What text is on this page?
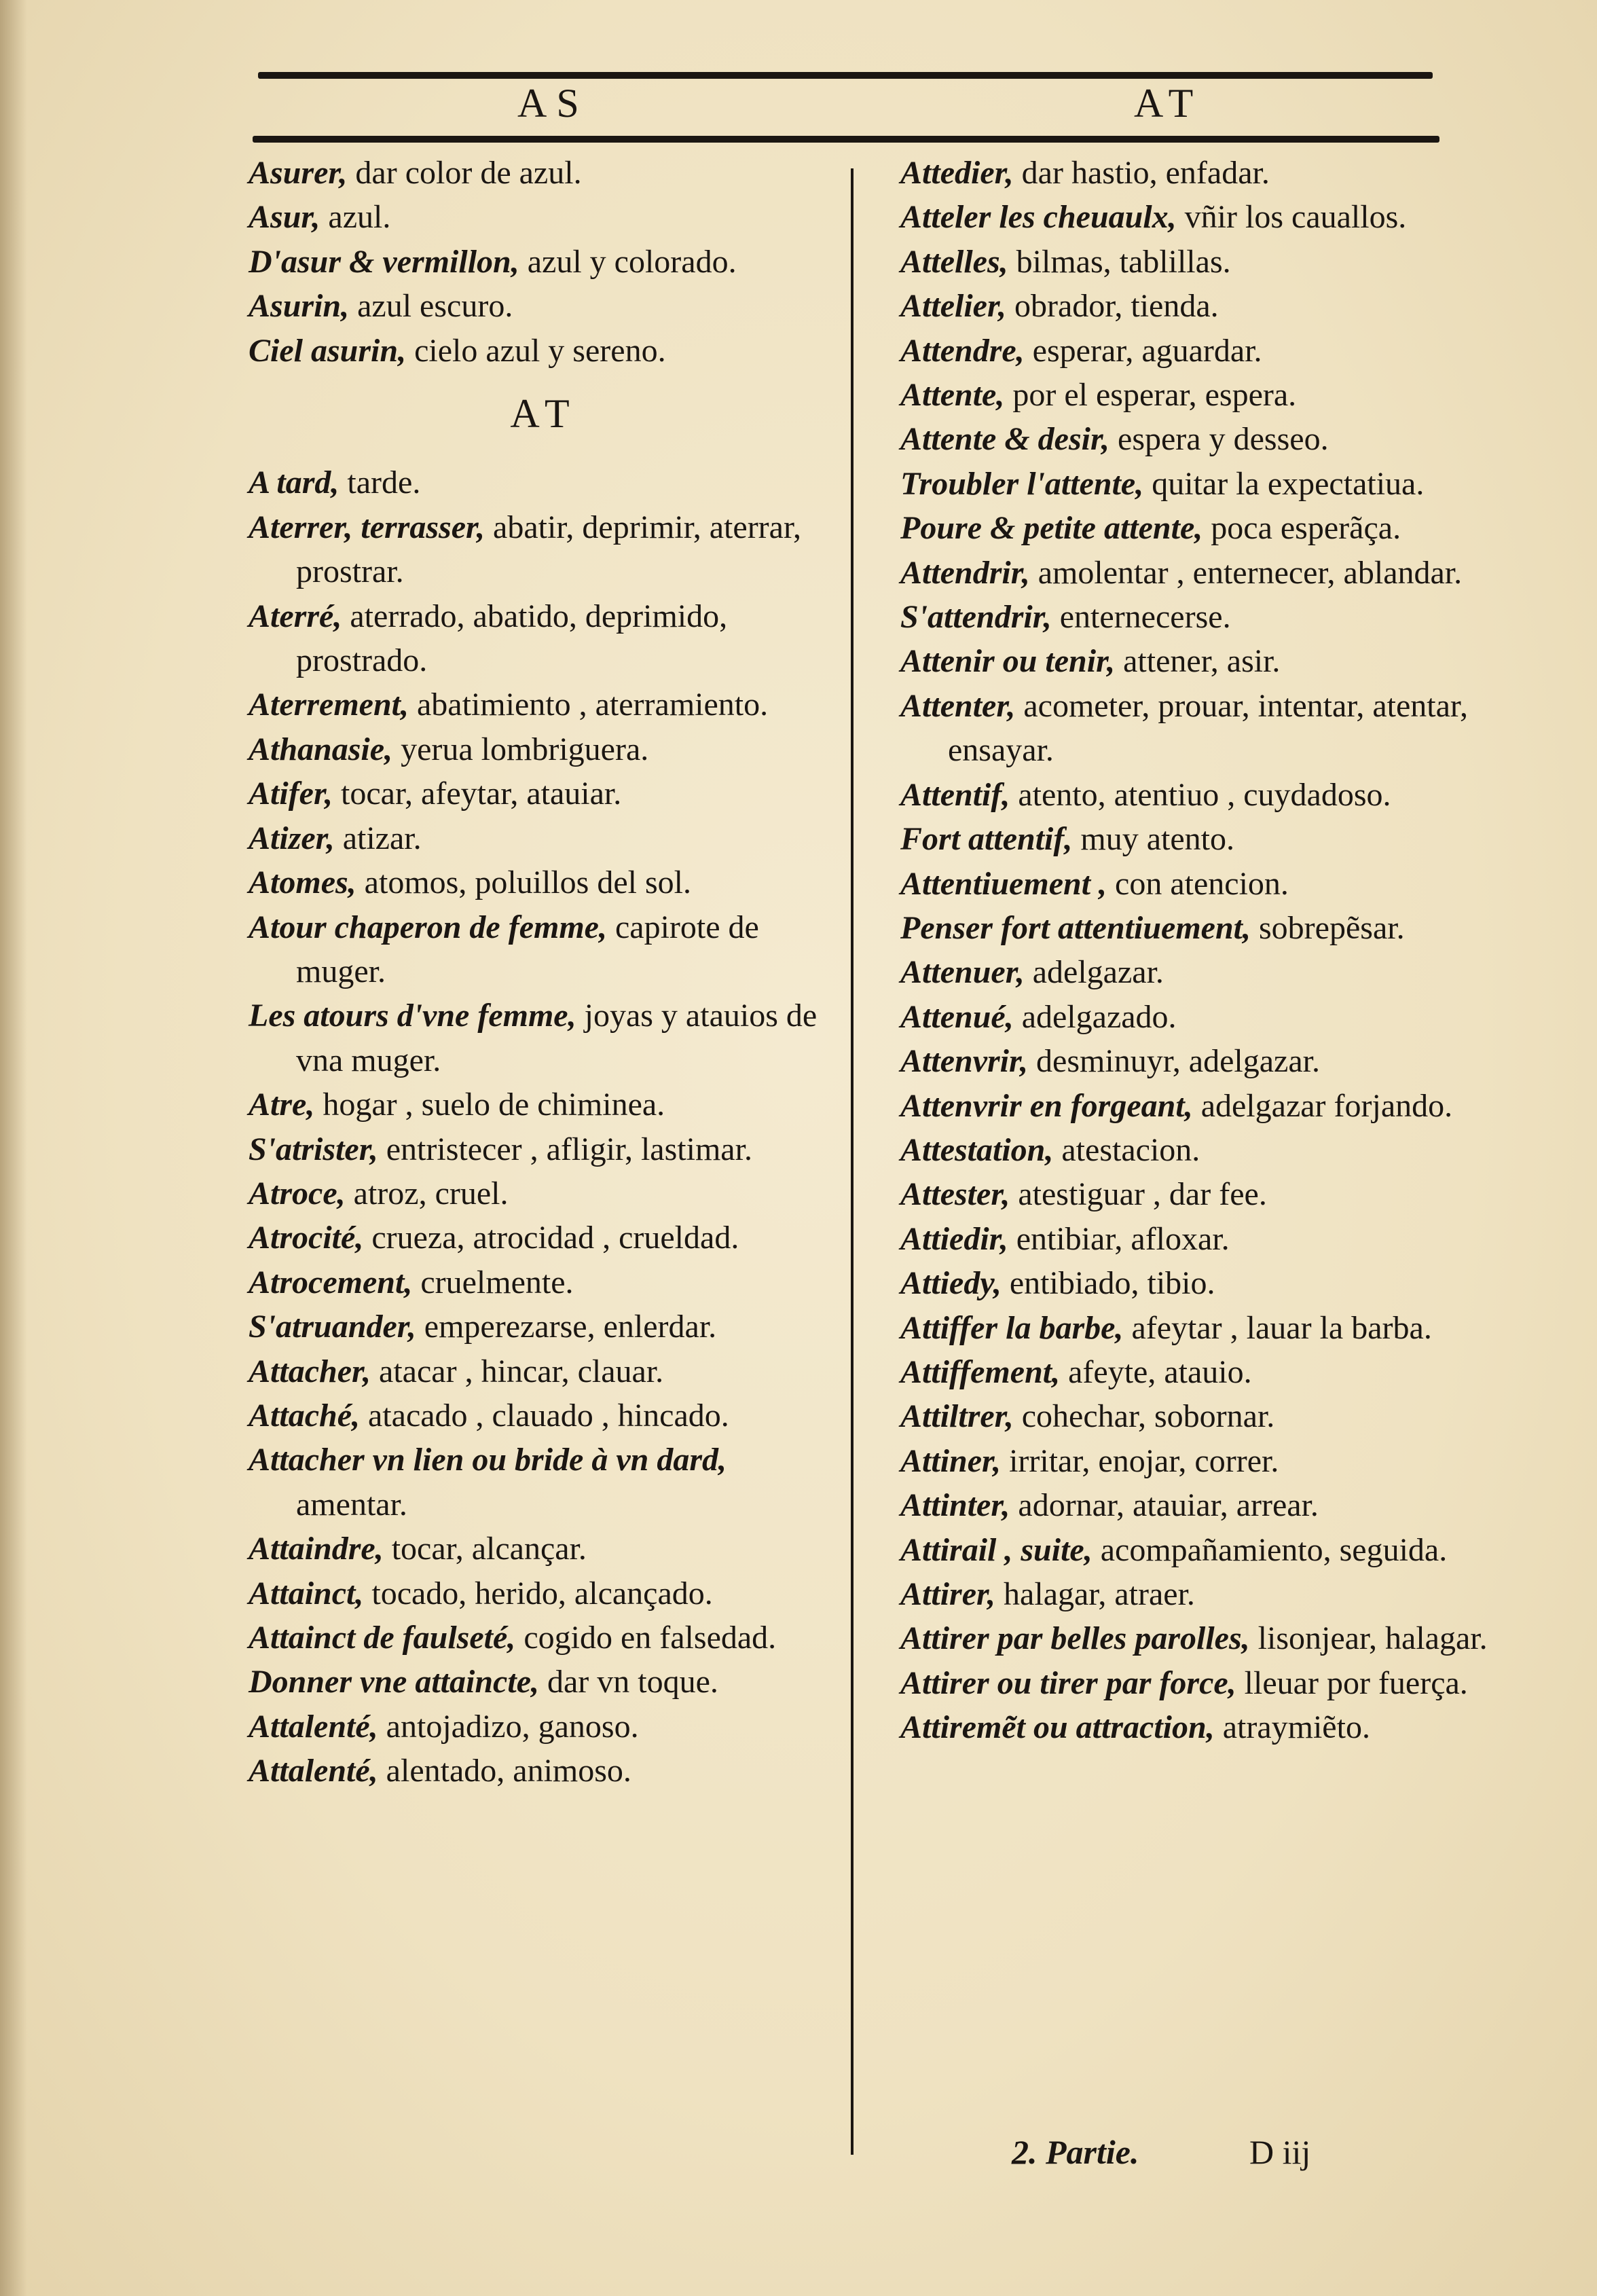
AS	AT
Asurer, dar color de azul.
Asur, azul.
D'asur & vermillon, azul y colorado.
Asurin, azul escuro.
Ciel asurin, cielo azul y sereno.
AT
A tard, tarde.
Aterrer, terrasser, abatir, deprimir, aterrar, prostrar.
Aterré, aterrado, abatido, deprimido, prostrado.
Aterrement, abatimiento , aterramiento.
Athanasie, yerua lombriguera.
Atifer, tocar, afeytar, atauiar.
Atizer, atizar.
Atomes, atomos, poluillos del sol.
Atour chaperon de femme, capirote de muger.
Les atours d'vne femme, joyas y atauios de vna muger.
Atre, hogar , suelo de chiminea.
S'atrister, entristecer , afligir, lastimar.
Atroce, atroz, cruel.
Atrocité, crueza, atrocidad , crueldad.
Atrocement, cruelmente.
S'atruander, emperezarse, enlerdar.
Attacher, atacar , hincar, clauar.
Attaché, atacado , clauado , hincado.
Attacher vn lien ou bride à vn dard, amentar.
Attaindre, tocar, alcançar.
Attainct, tocado, herido, alcançado.
Attainct de faulseté, cogido en falsedad.
Donner vne attaincte, dar vn toque.
Attalenté, antojadizo, ganoso.
Attalenté, alentado, animoso.
Attedier, dar hastio, enfadar.
Atteler les cheuaulx, vñir los cauallos.
Attelles, bilmas, tablillas.
Attelier, obrador, tienda.
Attendre, esperar, aguardar.
Attente, por el esperar, espera.
Attente & desir, espera y desseo.
Troubler l'attente, quitar la expectatiua.
Poure & petite attente, poca esperãça.
Attendrir, amolentar , enternecer, ablandar.
S'attendrir, enternecerse.
Attenir ou tenir, attener, asir.
Attenter, acometer, prouar, intentar, atentar, ensayar.
Attentif, atento, atentiuo , cuydadoso.
Fort attentif, muy atento.
Attentiuement , con atencion.
Penser fort attentiuement, sobrepẽsar.
Attenuer, adelgazar.
Attenué, adelgazado.
Attenvrir, desminuyr, adelgazar.
Attenvrir en forgeant, adelgazar forjando.
Attestation, atestacion.
Attester, atestiguar , dar fee.
Attiedir, entibiar, afloxar.
Attiedy, entibiado, tibio.
Attiffer la barbe, afeytar , lauar la barba.
Attiffement, afeyte, atauio.
Attiltrer, cohechar, sobornar.
Attiner, irritar, enojar, correr.
Attinter, adornar, atauiar, arrear.
Attirail , suite, acompañamiento, seguida.
Attirer, halagar, atraer.
Attirer par belles parolles, lisonjear, halagar.
Attirer ou tirer par force, lleuar por fuerça.
Attiremẽt ou attraction, atraymiẽto.
2. Partie.	D iij
